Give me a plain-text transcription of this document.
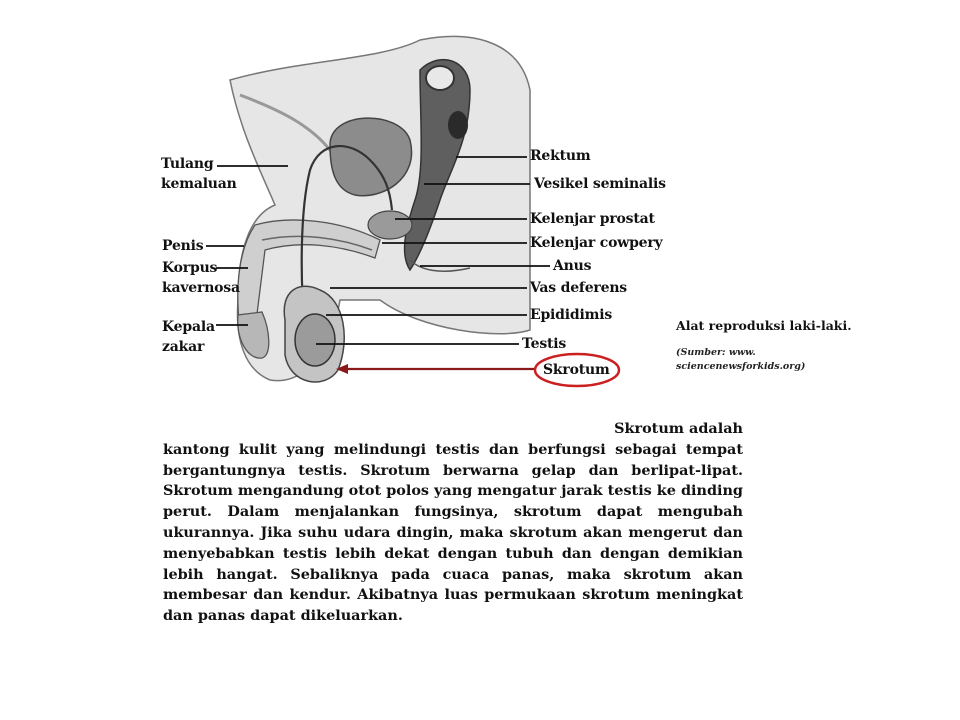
Tulang
kemaluan
Penis
Korpus
kavernosa
Kepala
zakar
Rektum
Vesikel seminalis
Kelenjar prostat
Kelenjar cowpery
Anus
Vas deferens
Epididimis
Testis
Skrotum
Alat reproduksi laki-laki.
(Sumber: www.
sciencenewsforkids.org)
Skrotum adalah
kantong kulit yang melindungi testis dan berfungsi sebagai tempat bergantungnya testis. Skrotum berwarna gelap dan berlipat-lipat. Skrotum mengandung otot polos yang mengatur jarak testis ke dinding perut. Dalam menjalankan fungsinya, skrotum dapat mengubah ukurannya. Jika suhu udara dingin, maka skrotum akan mengerut dan menyebabkan testis lebih dekat dengan tubuh dan dengan demikian lebih hangat. Sebaliknya pada cuaca panas, maka skrotum akan membesar dan kendur. Akibatnya luas permukaan skrotum meningkat dan panas dapat dikeluarkan.
